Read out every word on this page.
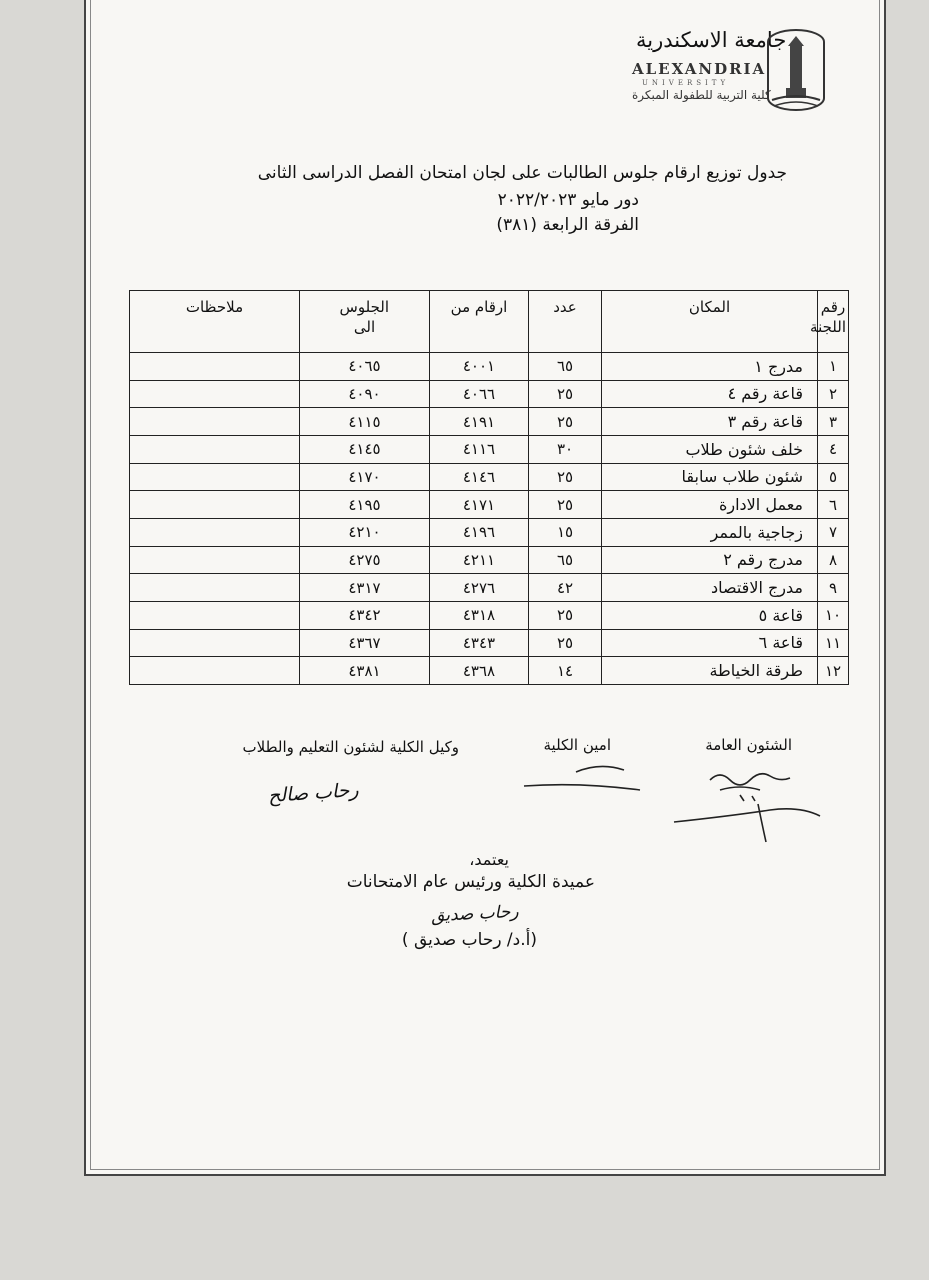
جامعة الاسكندرية
ALEXANDRIA
UNIVERSITY
كلية التربية للطفولة المبكرة
جدول توزيع ارقام جلوس الطالبات على لجان امتحان الفصل الدراسى الثانى
دور مايو ٢٠٢٢/٢٠٢٣
الفرقة الرابعة (٣٨١)
رقم اللجنة	المكان	عدد	ارقام من	الجلوس الى	ملاحظات
١	مدرج ١	٦٥	٤٠٠١	٤٠٦٥	
٢	قاعة رقم ٤	٢٥	٤٠٦٦	٤٠٩٠	
٣	قاعة رقم ٣	٢٥	٤١٩١	٤١١٥	
٤	خلف شئون طلاب	٣٠	٤١١٦	٤١٤٥	
٥	شئون طلاب سابقا	٢٥	٤١٤٦	٤١٧٠	
٦	معمل الادارة	٢٥	٤١٧١	٤١٩٥	
٧	زجاجية بالممر	١٥	٤١٩٦	٤٢١٠	
٨	مدرج رقم ٢	٦٥	٤٢١١	٤٢٧٥	
٩	مدرج الاقتصاد	٤٢	٤٢٧٦	٤٣١٧	
١٠	قاعة ٥	٢٥	٤٣١٨	٤٣٤٢	
١١	قاعة ٦	٢٥	٤٣٤٣	٤٣٦٧	
١٢	طرقة الخياطة	١٤	٤٣٦٨	٤٣٨١	
الشئون العامة
امين الكلية
وكيل الكلية لشئون التعليم والطلاب
رحاب صالح
يعتمد،
عميدة الكلية ورئيس عام الامتحانات
رحاب صديق
(أ.د/ رحاب صديق )
